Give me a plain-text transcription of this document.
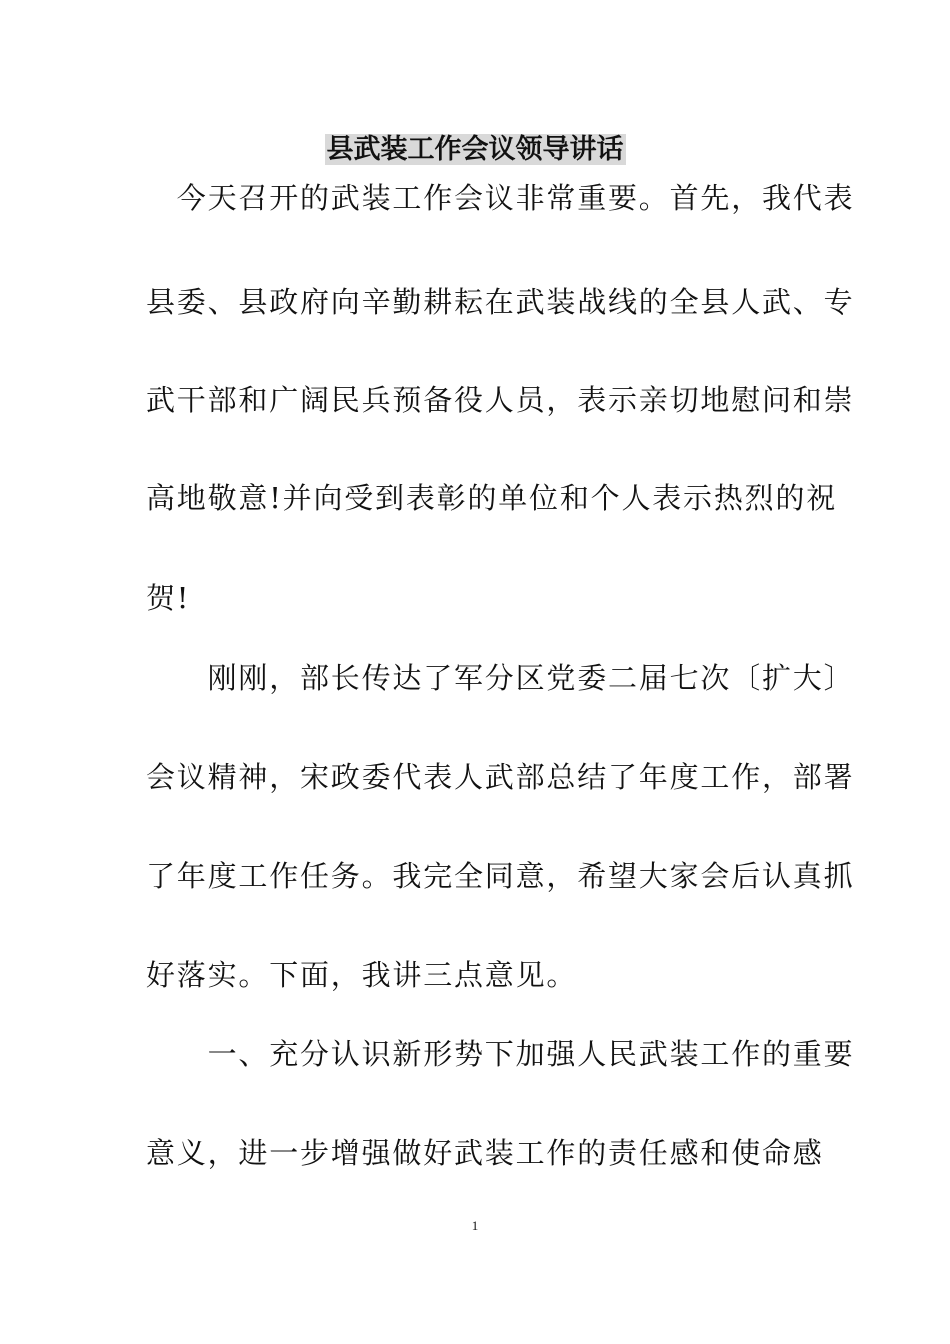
县武装工作会议领导讲话
　今天召开的武装工作会议非常重要。首先，我代表
县委、县政府向辛勤耕耘在武装战线的全县人武、专
武干部和广阔民兵预备役人员，表示亲切地慰问和崇
高地敬意!并向受到表彰的单位和个人表示热烈的祝
贺!
　　刚刚，部长传达了军分区党委二届七次〔扩大〕
会议精神，宋政委代表人武部总结了年度工作，部署
了年度工作任务。我完全同意，希望大家会后认真抓
好落实。下面，我讲三点意见。
　　一、充分认识新形势下加强人民武装工作的重要
意义，进一步增强做好武装工作的责任感和使命感
1
